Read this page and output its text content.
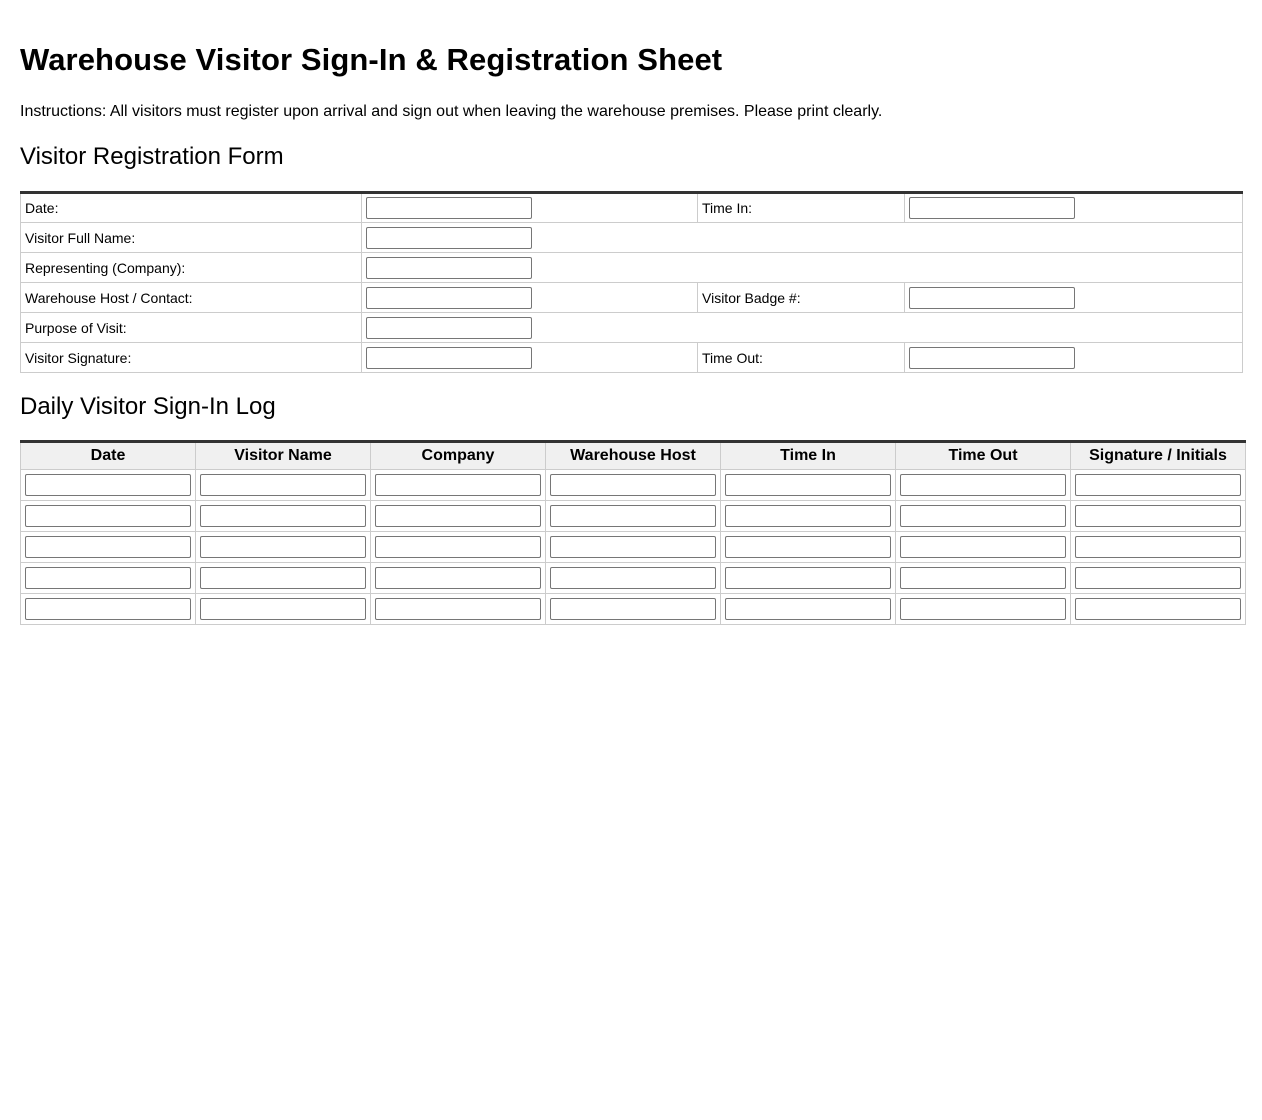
Warehouse Visitor Sign-In & Registration Sheet

Instructions: All visitors must register upon arrival and sign out when leaving the warehouse premises. Please print clearly.

Visitor Registration Form
Date:		Time In:	
Visitor Full Name:	
Representing (Company):	
Warehouse Host / Contact:		Visitor Badge #:	
Purpose of Visit:	
Visitor Signature:		Time Out:	
Daily Visitor Sign-In Log
Date	Visitor Name	Company	Warehouse Host	Time In	Time Out	Signature / Initials
